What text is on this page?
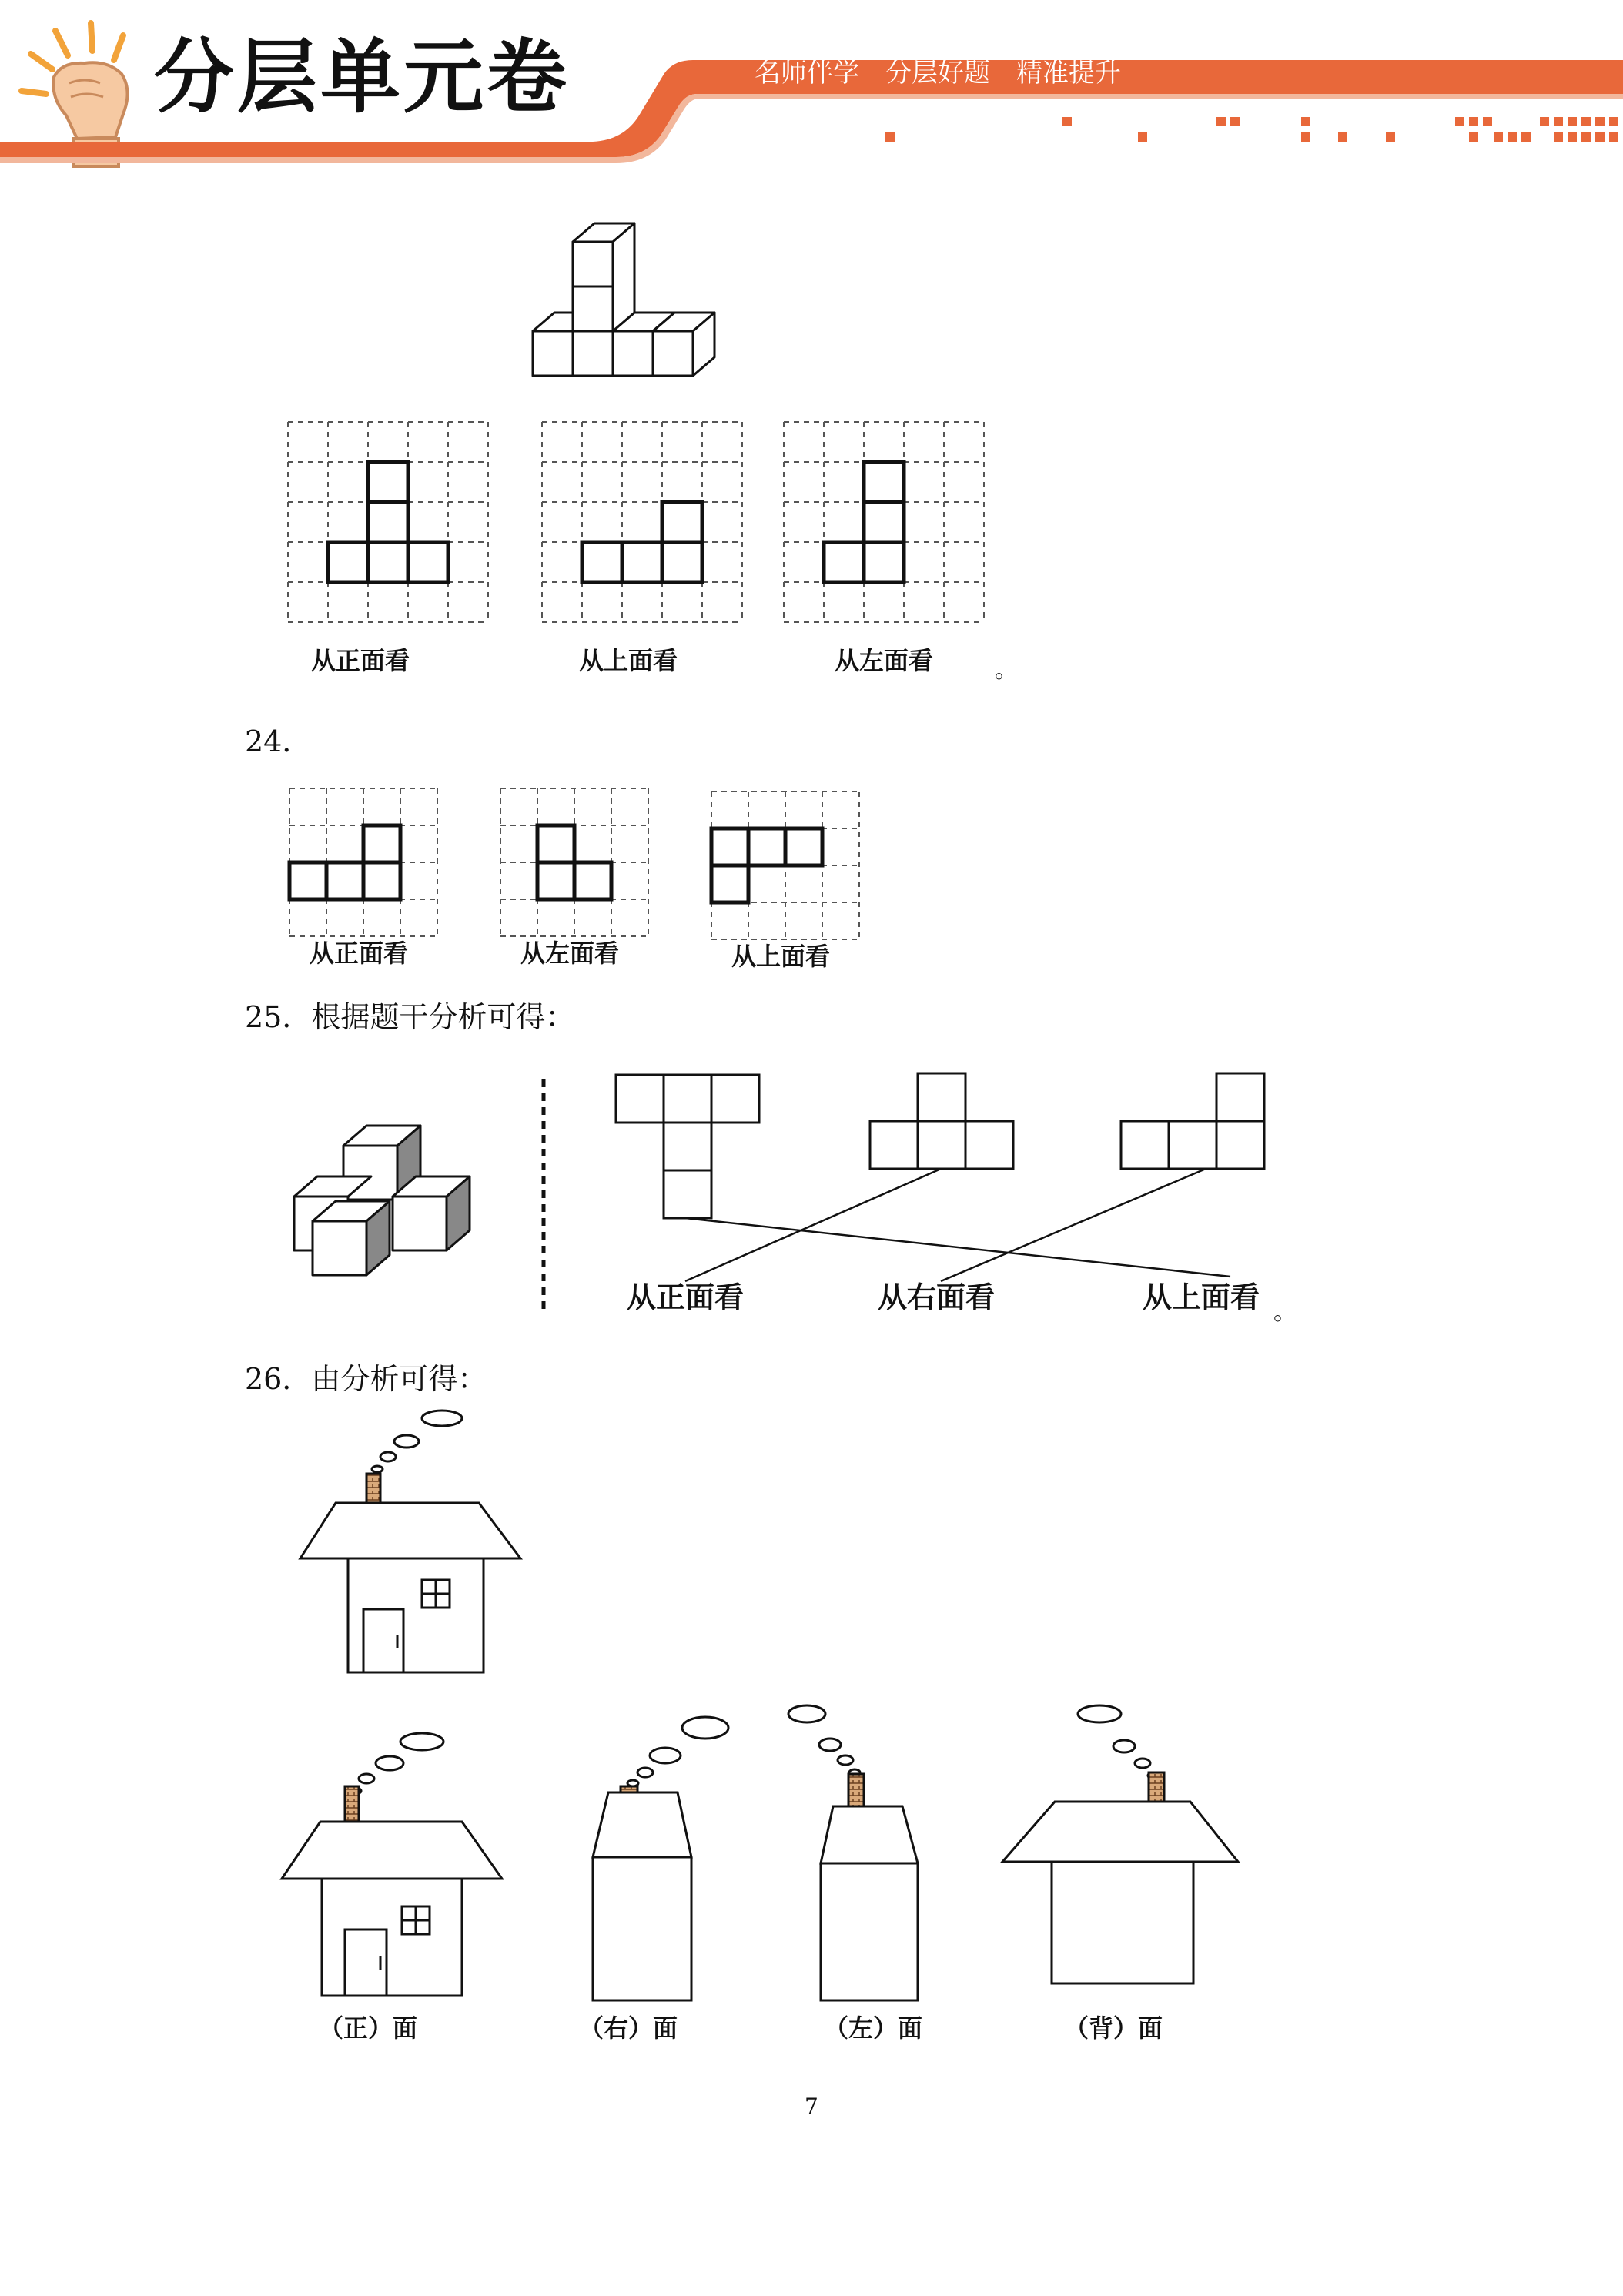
分层单元卷	名师伴学　分层好题　精准提升
从正面看	从上面看	从左面看	。
24．
从正面看	从左面看	从上面看
25．根据题干分析可得：
从正面看	从右面看	从上面看 。
26．由分析可得：
（正）面	（右）面	（左）面	（背）面
7
